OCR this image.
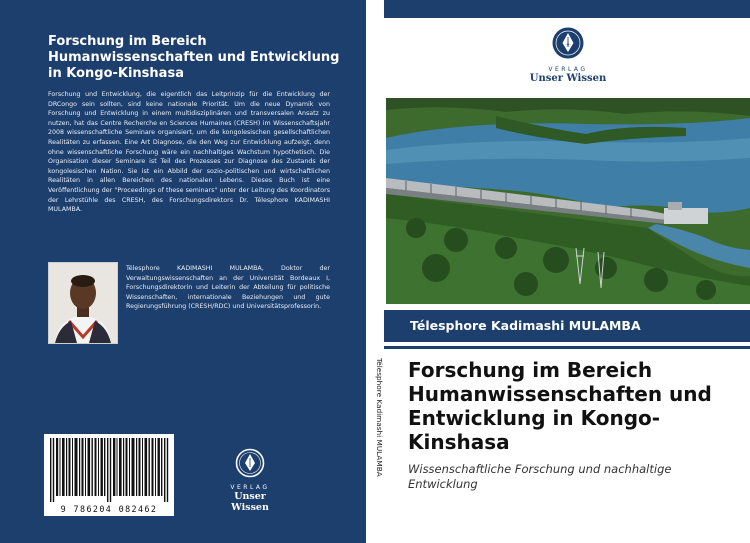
Forschung im Bereich Humanwissenschaften und Entwicklung in Kongo-Kinshasa
Forschung und Entwicklung, die eigentlich das Leitprinzip für die Entwicklung der DRCongo sein sollten, sind keine nationale Priorität. Um die neue Dynamik von Forschung und Entwicklung in einem multidisziplinären und transversalen Ansatz zu nutzen, hat das Centre Recherche en Sciences Humaines (CRESH) im Wissenschaftsjahr 2008 wissenschaftliche Seminare organisiert, um die kongolesischen gesellschaftlichen Realitäten zu erfassen. Eine Art Diagnose, die den Weg zur Entwicklung aufzeigt, denn ohne wissenschaftliche Forschung wäre ein nachhaltiges Wachstum hypothetisch. Die Organisation dieser Seminare ist Teil des Prozesses zur Diagnose des Zustands der kongolesischen Nation. Sie ist ein Abbild der sozio-politischen und wirtschaftlichen Realitäten in allen Bereichen des nationalen Lebens. Dieses Buch ist eine Veröffentlichung der "Proceedings of these seminars" unter der Leitung des Koordinators der Lehrstühle des CRESH, des Forschungsdirektors Dr. Télesphore KADIMASHI MULAMBA.
Télesphore KADIMASHI MULAMBA, Doktor der Verwaltungswissenschaften an der Universität Bordeaux I, Forschungsdirektorin und Leiterin der Abteilung für politische Wissenschaften, internationale Beziehungen und gute Regierungsführung (CRESH/RDC) und Universitätsprofessorin.
9 786204 082462
VERLAG
Unser Wissen
Télesphore Kadimashi MULAMBA
VERLAG
Unser Wissen
Télesphore Kadimashi MULAMBA
Forschung im Bereich Humanwissenschaften und Entwicklung in Kongo-Kinshasa
Wissenschaftliche Forschung und nachhaltige Entwicklung
